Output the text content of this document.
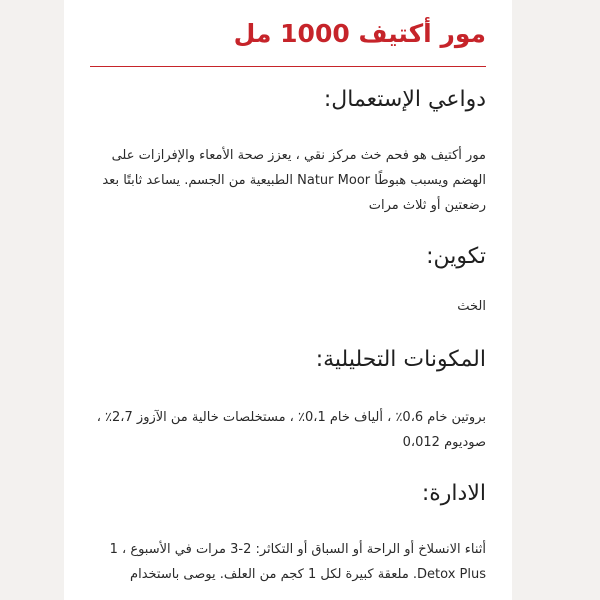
مور أكتيف 1000 مل
دواعي الإستعمال:

مور أكتيف هو فحم خث مركز نقي ، يعزز صحة الأمعاء والإفرازات على الهضم ويسبب هبوطًا Natur Moor الطبيعية من الجسم. يساعد ثابتًا بعد رضعتين أو ثلاث مرات

تكوين:

الخث

المكونات التحليلية:

بروتين خام 0،6٪ ، ألياف خام 0،1٪ ، مستخلصات خالية من الآزوز 2،7٪ ، صوديوم 0،012

الادارة:

أثناء الانسلاخ أو الراحة أو السباق أو التكاثر: 2-3 مرات في الأسبوع ، 1 Detox Plus. ملعقة كبيرة لكل 1 كجم من العلف. يوصى باستخدام
